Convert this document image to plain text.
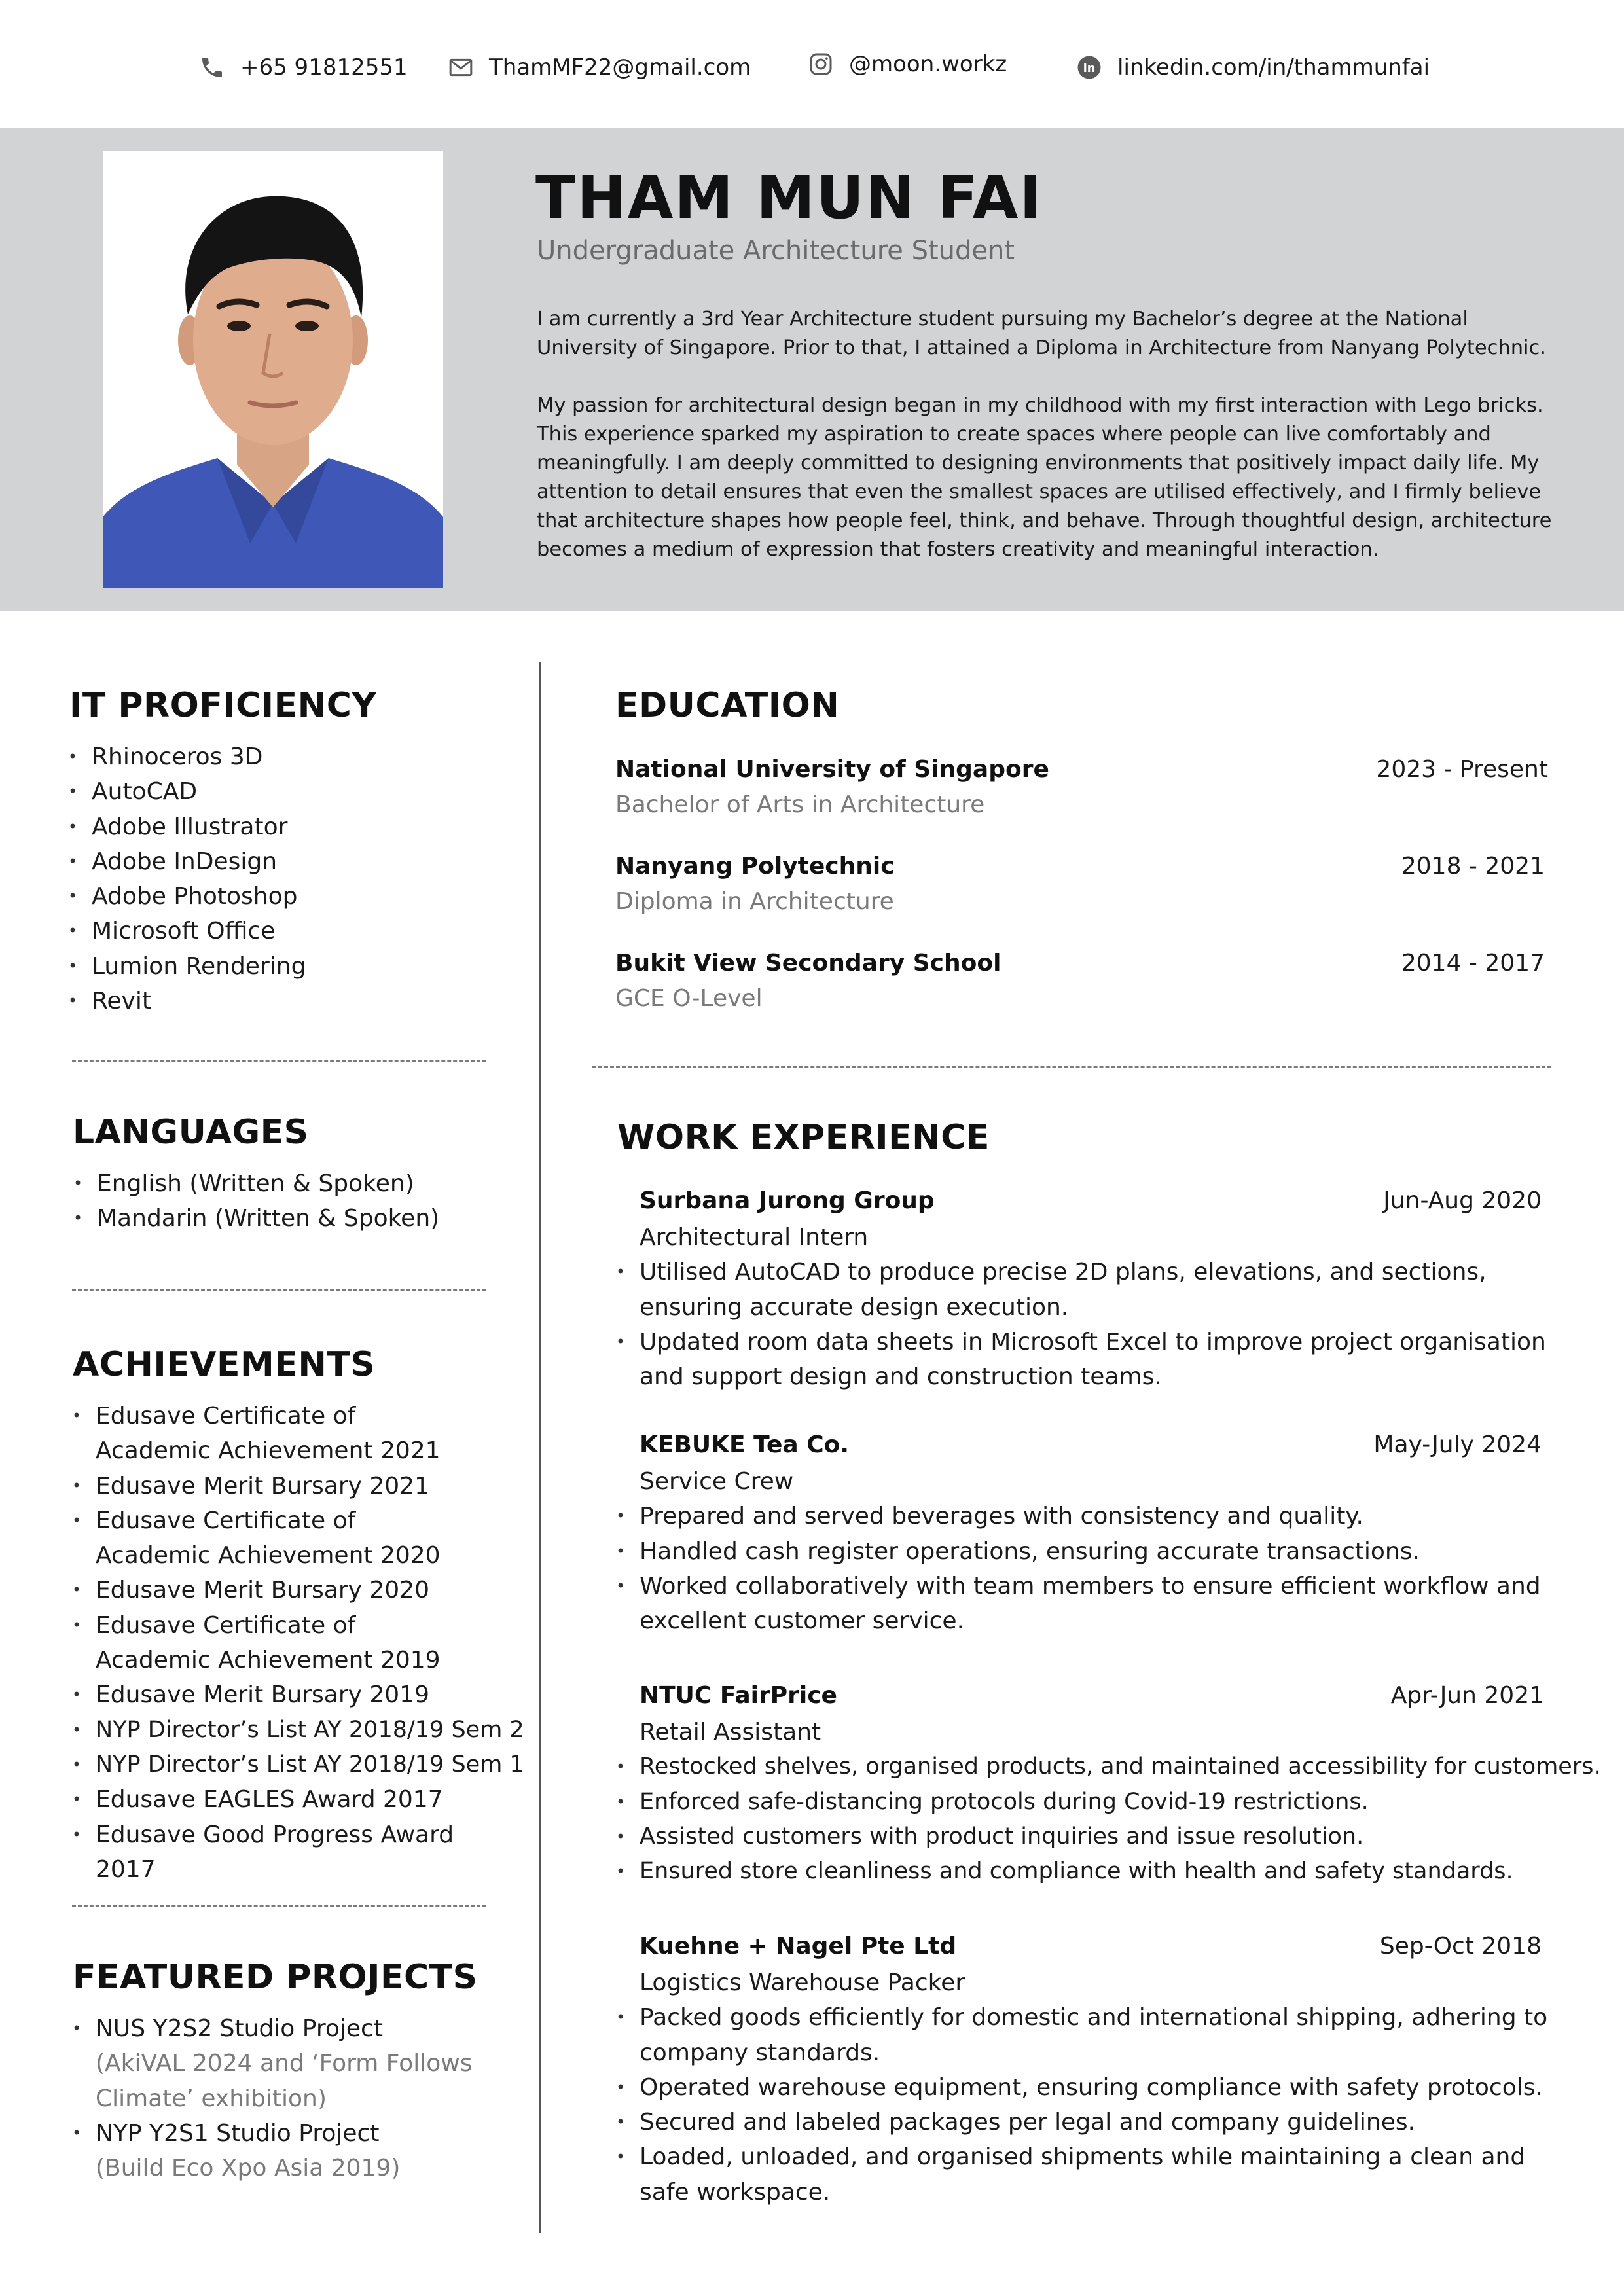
+65 91812551	ThamMF22@gmail.com	@moon.workz	in linkedin.com/in/thammunfai
THAM MUN FAI
Undergraduate Architecture Student

I am currently a 3rd Year Architecture student pursuing my Bachelor’s degree at the National University of Singapore. Prior to that, I attained a Diploma in Architecture from Nanyang Polytechnic.

My passion for architectural design began in my childhood with my first interaction with Lego bricks. This experience sparked my aspiration to create spaces where people can live comfortably and meaningfully. I am deeply committed to designing environments that positively impact daily life. My attention to detail ensures that even the smallest spaces are utilised effectively, and I firmly believe that architecture shapes how people feel, think, and behave. Through thoughtful design, architecture becomes a medium of expression that fosters creativity and meaningful interaction.

IT PROFICIENCY
• Rhinoceros 3D
• AutoCAD
• Adobe Illustrator
• Adobe InDesign
• Adobe Photoshop
• Microsoft Office
• Lumion Rendering
• Revit
LANGUAGES
• English (Written & Spoken)
• Mandarin (Written & Spoken)
ACHIEVEMENTS
• Edusave Certificate of Academic Achievement 2021
• Edusave Merit Bursary 2021
• Edusave Certificate of Academic Achievement 2020
• Edusave Merit Bursary 2020
• Edusave Certificate of Academic Achievement 2019
• Edusave Merit Bursary 2019
• NYP Director’s List AY 2018/19 Sem 2
• NYP Director’s List AY 2018/19 Sem 1
• Edusave EAGLES Award 2017
• Edusave Good Progress Award 2017
FEATURED PROJECTS
• NUS Y2S2 Studio Project
(AkiVAL 2024 and ‘Form Follows Climate’ exhibition)
• NYP Y2S1 Studio Project
(Build Eco Xpo Asia 2019)
EDUCATION
National University of Singapore	2023 - Present
Bachelor of Arts in Architecture
Nanyang Polytechnic	2018 - 2021
Diploma in Architecture
Bukit View Secondary School	2014 - 2017
GCE O-Level
WORK EXPERIENCE
Surbana Jurong Group	Jun-Aug 2020
Architectural Intern
• Utilised AutoCAD to produce precise 2D plans, elevations, and sections, ensuring accurate design execution.
• Updated room data sheets in Microsoft Excel to improve project organisation and support design and construction teams.
KEBUKE Tea Co.	May-July 2024
Service Crew
• Prepared and served beverages with consistency and quality.
• Handled cash register operations, ensuring accurate transactions.
• Worked collaboratively with team members to ensure efficient workflow and excellent customer service.
NTUC FairPrice	Apr-Jun 2021
Retail Assistant
• Restocked shelves, organised products, and maintained accessibility for customers.
• Enforced safe-distancing protocols during Covid-19 restrictions.
• Assisted customers with product inquiries and issue resolution.
• Ensured store cleanliness and compliance with health and safety standards.
Kuehne + Nagel Pte Ltd	Sep-Oct 2018
Logistics Warehouse Packer
• Packed goods efficiently for domestic and international shipping, adhering to company standards.
• Operated warehouse equipment, ensuring compliance with safety protocols.
• Secured and labeled packages per legal and company guidelines.
• Loaded, unloaded, and organised shipments while maintaining a clean and safe workspace.
